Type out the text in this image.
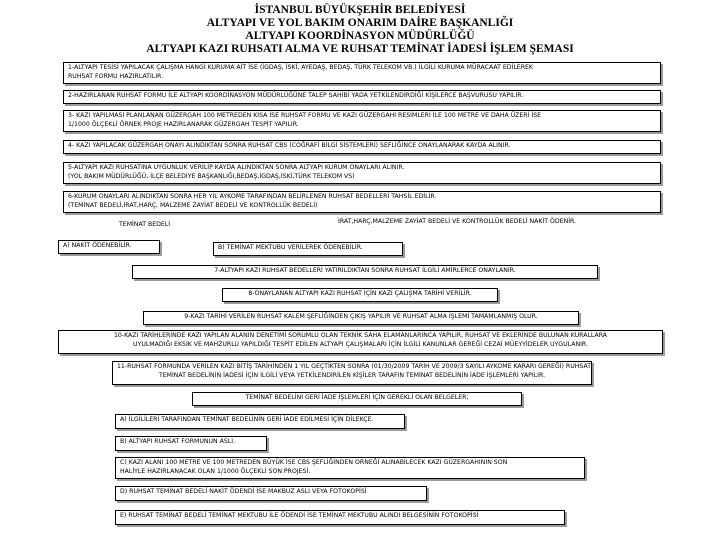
İSTANBUL BÜYÜKŞEHİR BELEDİYESİ
ALTYAPI VE YOL BAKIM ONARIM DAİRE BAŞKANLIĞI
ALTYAPI KOORDİNASYON MÜDÜRLÜĞÜ
ALTYAPI KAZI RUHSATI ALMA VE RUHSAT TEMİNAT İADESİ İŞLEM ŞEMASI
1-ALTYAPI TESİSİ YAPILACAK ÇALIŞMA HANGİ KURUMA AİT İSE (İGDAŞ, İSKİ, AYEDAŞ, BEDAŞ, TÜRK TELEKOM VB.) İLGİLİ KURUMA MÜRACAAT EDİLEREK
RUHSAT FORMU HAZIRLATILIR.
2-HAZIRLANAN RUHSAT FORMU İLE ALTYAPI KOORDİNASYON MÜDÜRLÜĞÜNE TALEP SAHİBİ YADA YETKİLENDİRDİĞİ KİŞİLERCE BAŞVURUSU YAPILIR.
3- KAZI YAPILMASI PLANLANAN GÜZERGAH 100 METREDEN KISA İSE RUHSAT FORMU VE KAZI GÜZERGAHI RESİMLERİ İLE 100 METRE VE DAHA ÜZERİ İSE
1/1000 ÖLÇEKLİ ÖRNEK PROJE HAZIRLANARAK GÜZERGAH TESPİT YAPILIR.
4- KAZI YAPILACAK GÜZERGAH ONAYI ALINDIKTAN SONRA RUHSAT CBS (COĞRAFİ BİLGİ SİSTEMLERİ) SEFLİĞİNCE ONAYLANARAK KAYDA ALINIR.
5-ALTYAPI KAZI RUHSATINA UYGUNLUK VERİLİP KAYDA ALINDIKTAN SONRA ALTYAPI KURUM ONAYLARI ALINIR.
(YOL BAKIM MÜDÜRLÜĞÜ, İLÇE BELEDİYE BAŞKANLIĞI,BEDAŞ,İGDAŞ,İSKİ,TÜRK TELEKOM VS)
6-KURUM ONAYLARI ALINDIKTAN SONRA HER YIL AYKOME TARAFINDAN BELİRLENEN RUHSAT BEDELLERİ TAHSİL EDİLİR.
(TEMİNAT BEDELİ,İRAT,HARÇ, MALZEME ZAYİAT BEDELİ VE KONTROLLÜK BEDELİ)
TEMİNAT BEDELİ	İRAT,HARÇ,MALZEME ZAYİAT BEDELİ VE KONTROLLÜK BEDELİ NAKİT ÖDENİR.
A) NAKİT ÖDENEBİLİR.	B) TEMİNAT MEKTUBU VERİLEREK ÖDENEBİLİR.
7-ALTYAPI KAZI RUHSAT BEDELLERİ YATIRILDIKTAN SONRA RUHSAT İLGİLİ AMİRLERCE ONAYLANIR.
8-ONAYLANAN ALTYAPI KAZI RUHSAT İÇİN KAZI ÇALIŞMA TARİHİ VERİLİR.
9-KAZI TARİHİ VERİLEN RUHSAT KALEM ŞEFLİĞİNDEN ÇIKIŞ YAPILIR VE RUHSAT ALMA İŞLEMİ TAMAMLANMIŞ OLUR.
10-KAZI TARİHLERİNDE KAZI YAPILAN ALANIN DENETİMİ SORUMLU OLAN TEKNİK SAHA ELAMANLARINCA YAPILIR, RUHSAT VE EKLERİNDE BULUNAN KURALLARA
UYULMADIĞI EKSİK VE MAHZURLU YAPILDIĞI TESPİT EDİLEN ALTYAPI ÇALIŞMALARI İÇİN İLGİLİ KANUNLAR GEREĞİ CEZAİ MÜEYYİDELER UYGULANIR.
11-RUHSAT FORMUNDA VERİLEN KAZI BİTİŞ TARİHİNDEN 1 YIL GEÇTİKTEN SONRA (01/30/2009 TARİH VE 2009/3 SAYILI AYKOME KARARI GEREĞİ) RUHSAT
TEMİNAT BEDELİNİN İADESİ İÇİN İLGİLİ VEYA YETKİLENDİRİLEN KİŞİLER TARAFIN TEMİNAT BEDELİNİN İADE İŞLEMLERİ YAPILIR.
TEMİNAT BEDELİNİ GERİ İADE İŞLEMLERİ İÇİN GEREKLİ OLAN BELGELER;
A) İLGİLİLERİ TARAFINDAN TEMİNAT BEDELİNİN GERİ İADE EDİLMESİ İÇİN DİLEKÇE.
B) ALTYAPI RUHSAT FORMUNUN ASLI.
C) KAZI ALANI 100 METRE VE 100 METREDEN BÜYÜK İSE CBS ŞEFLİĞİNDEN ORNEĞİ ALINABİLECEK KAZI GÜZERGAHININ SON
HALİYLE HAZIRLANACAK OLAN 1/1000 ÖLÇEKLİ SON PROJESİ.
D) RUHSAT TEMİNAT BEDELİ NAKİT ÖDENDİ İSE MAKBUZ ASLI VEYA FOTOKOPİSİ
E) RUHSAT TEMİNAT BEDELİ TEMİNAT MEKTUBU İLE ÖDENDİ İSE TEMİNAT MEKTUBU ALINDI BELGESİNİN FOTOKOPİSİ
